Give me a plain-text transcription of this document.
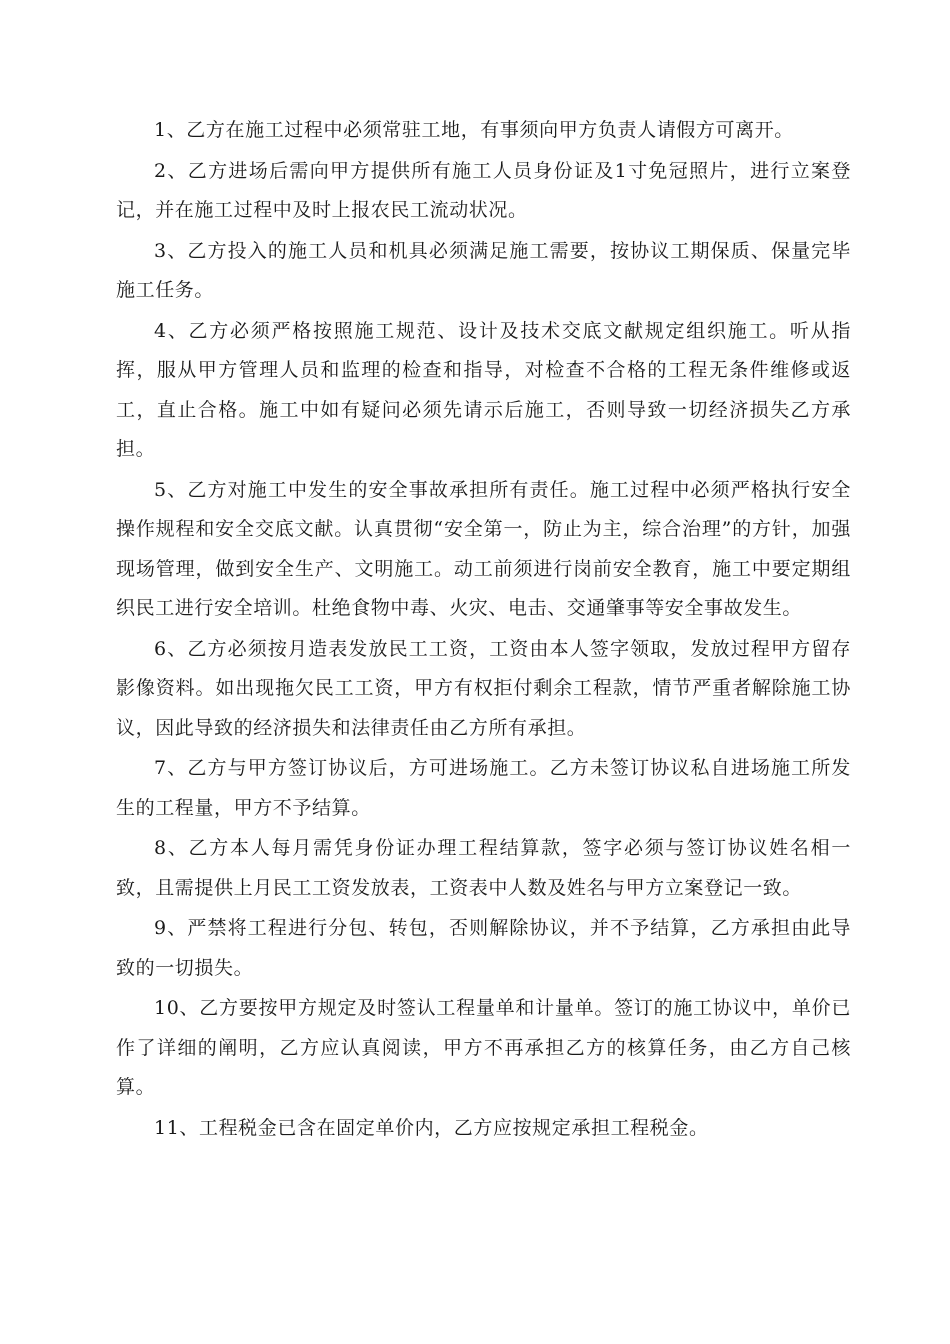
1、乙方在施工过程中必须常驻工地，有事须向甲方负责人请假方可离开。

2、乙方进场后需向甲方提供所有施工人员身份证及1寸免冠照片，进行立案登记，并在施工过程中及时上报农民工流动状况。

3、乙方投入的施工人员和机具必须满足施工需要，按协议工期保质、保量完毕施工任务。

4、乙方必须严格按照施工规范、设计及技术交底文献规定组织施工。听从指挥，服从甲方管理人员和监理的检查和指导，对检查不合格的工程无条件维修或返工，直止合格。施工中如有疑问必须先请示后施工，否则导致一切经济损失乙方承担。

5、乙方对施工中发生的安全事故承担所有责任。施工过程中必须严格执行安全操作规程和安全交底文献。认真贯彻“安全第一，防止为主，综合治理”的方针，加强现场管理，做到安全生产、文明施工。动工前须进行岗前安全教育，施工中要定期组织民工进行安全培训。杜绝食物中毒、火灾、电击、交通肇事等安全事故发生。

6、乙方必须按月造表发放民工工资，工资由本人签字领取，发放过程甲方留存影像资料。如出现拖欠民工工资，甲方有权拒付剩余工程款，情节严重者解除施工协议，因此导致的经济损失和法律责任由乙方所有承担。

7、乙方与甲方签订协议后，方可进场施工。乙方未签订协议私自进场施工所发生的工程量，甲方不予结算。

8、乙方本人每月需凭身份证办理工程结算款，签字必须与签订协议姓名相一致，且需提供上月民工工资发放表，工资表中人数及姓名与甲方立案登记一致。

9、严禁将工程进行分包、转包，否则解除协议，并不予结算，乙方承担由此导致的一切损失。

10、乙方要按甲方规定及时签认工程量单和计量单。签订的施工协议中，单价已作了详细的阐明，乙方应认真阅读，甲方不再承担乙方的核算任务，由乙方自己核算。

11、工程税金已含在固定单价内，乙方应按规定承担工程税金。
